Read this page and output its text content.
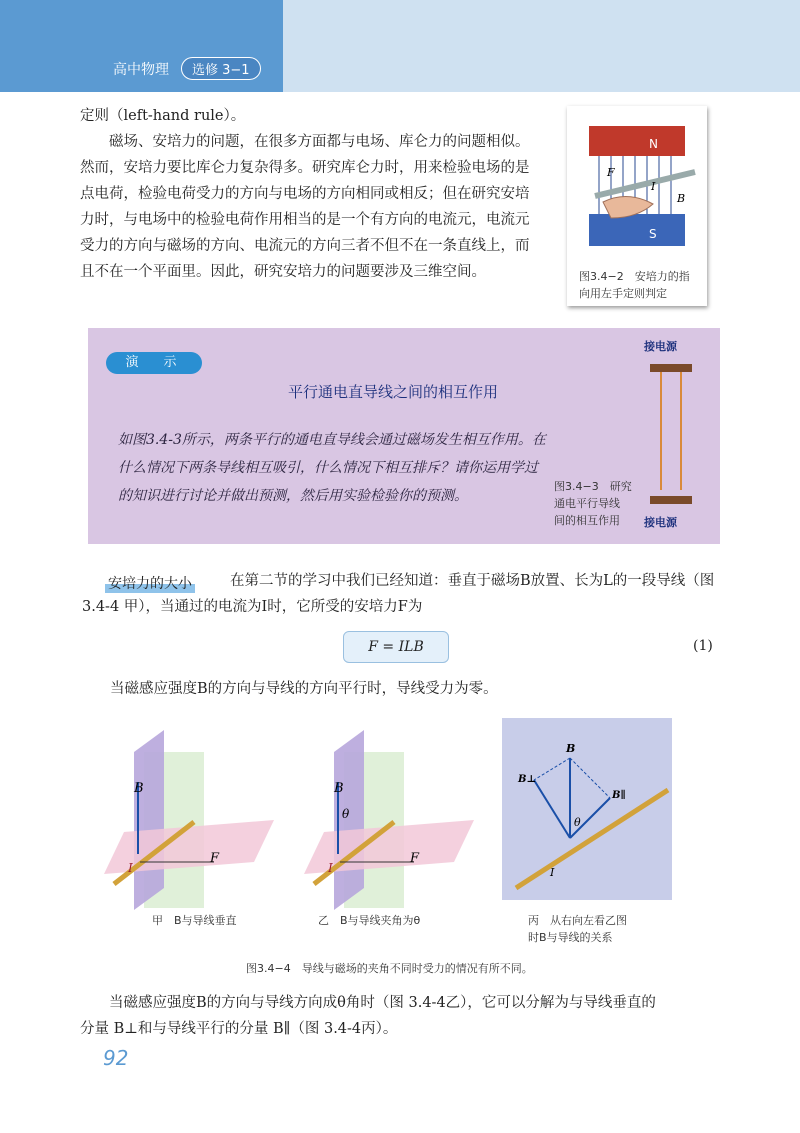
高中物理	选修 3−1

定则（left-hand rule）。

磁场、安培力的问题，在很多方面都与电场、库仑力的问题相似。然而，安培力要比库仑力复杂得多。研究库仑力时，用来检验电场的是点电荷，检验电荷受力的方向与电场的方向相同或相反；但在研究安培力时，与电场中的检验电荷作用相当的是一个有方向的电流元，电流元受力的方向与磁场的方向、电流元的方向三者不但不在一条直线上，而且不在一个平面里。因此，研究安培力的问题要涉及三维空间。

N
S
I
B
F
图3.4−2　安培力的指
向用左手定则判定
演　示
平行通电直导线之间的相互作用
如图3.4-3所示，两条平行的通电直导线会通过磁场发生相互作用。在什么情况下两条导线相互吸引，什么情况下相互排斥？请你运用学过的知识进行讨论并做出预测，然后用实验检验你的预测。
接电源
接电源
图3.4−3　研究
通电平行导线
间的相互作用
安培力的大小	在第二节的学习中我们已经知道：垂直于磁场B放置、长为L的一段导线（图 3.4-4 甲），当通过的电流为I时，它所受的安培力F为
F = ILB	(1)
当磁感应强度B的方向与导线的方向平行时，导线受力为零。
B
I
F
B
θ
I
F
B
B⊥
B∥
θ
I
甲　B与导线垂直	乙　B与导线夹角为θ	丙　从右向左看乙图
时B与导线的关系
图3.4−4　导线与磁场的夹角不同时受力的情况有所不同。

当磁感应强度B的方向与导线方向成θ角时（图 3.4-4乙），它可以分解为与导线垂直的

分量 B⊥和与导线平行的分量 B∥（图 3.4-4丙）。

92
